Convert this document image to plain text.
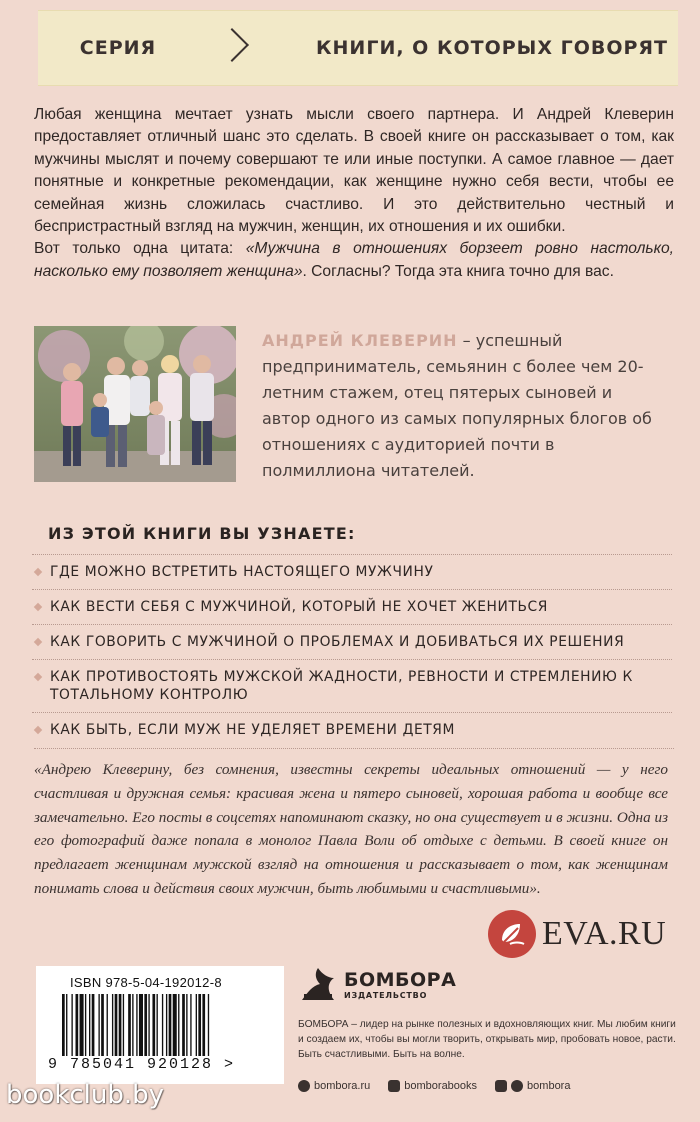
СЕРИЯ	КНИГИ, О КОТОРЫХ ГОВОРЯТ

Любая женщина мечтает узнать мысли своего партнера. И Андрей Клеверин предоставляет отличный шанс это сделать. В своей книге он рассказывает о том, как мужчины мыслят и почему совершают те или иные поступки. А самое главное — дает понятные и конкретные рекомендации, как женщине нужно себя вести, чтобы ее семейная жизнь сложилась счастливо. И это действительно честный и беспристрастный взгляд на мужчин, женщин, их отношения и их ошибки.

Вот только одна цитата: «Мужчина в отношениях борзеет ровно настолько, насколько ему позволяет женщина». Согласны? Тогда эта книга точно для вас.

АНДРЕЙ КЛЕВЕРИН – успешный предприниматель, семьянин с более чем 20-летним стажем, отец пятерых сыновей и автор одного из самых популярных блогов об отношениях с аудиторией почти в полмиллиона читателей.
ИЗ ЭТОЙ КНИГИ ВЫ УЗНАЕТЕ:
ГДЕ МОЖНО ВСТРЕТИТЬ НАСТОЯЩЕГО МУЖЧИНУ
КАК ВЕСТИ СЕБЯ С МУЖЧИНОЙ, КОТОРЫЙ НЕ ХОЧЕТ ЖЕНИТЬСЯ
КАК ГОВОРИТЬ С МУЖЧИНОЙ О ПРОБЛЕМАХ И ДОБИВАТЬСЯ ИХ РЕШЕНИЯ
КАК ПРОТИВОСТОЯТЬ МУЖСКОЙ ЖАДНОСТИ, РЕВНОСТИ И СТРЕМЛЕНИЮ К ТОТАЛЬНОМУ КОНТРОЛЮ
КАК БЫТЬ, ЕСЛИ МУЖ НЕ УДЕЛЯЕТ ВРЕМЕНИ ДЕТЯМ
«Андрею Клеверину, без сомнения, известны секреты идеальных отношений — у него счастливая и дружная семья: красивая жена и пятеро сыновей, хорошая работа и вообще все замечательно. Его посты в соцсетях напоминают сказку, но она существует и в жизни. Одна из его фотографий даже попала в монолог Павла Воли об отдыхе с детьми. В своей книге он предлагает женщинам мужской взгляд на отношения и рассказывает о том, как женщинам понимать слова и действия своих мужчин, быть любимыми и счастливыми».
EVA.RU
ISBN 978-5-04-192012-8
9 785041 920128 >
БОМБОРА
ИЗДАТЕЛЬСТВО
БОМБОРА – лидер на рынке полезных и вдохновляющих книг. Мы любим книги и создаем их, чтобы вы могли творить, открывать мир, пробовать новое, расти. Быть счастливыми. Быть на волне.
bombora.ru	bomborabooks	bombora
bookclub.by
